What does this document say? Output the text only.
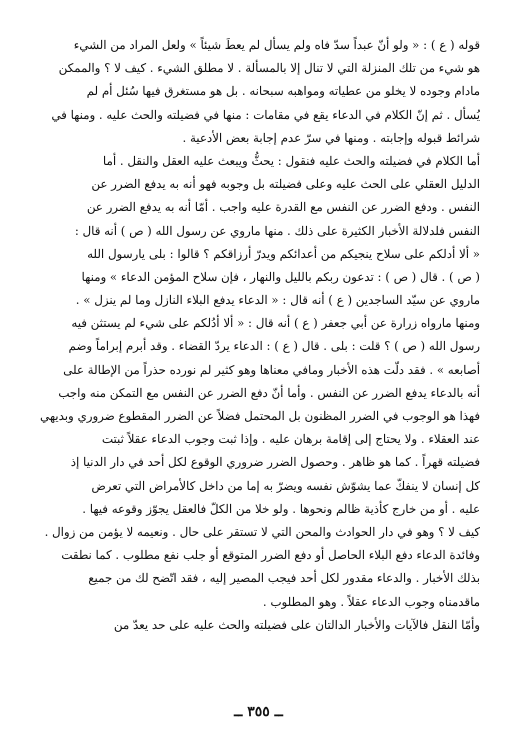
قوله ( ع ) : « ولو أنّ عبداً سدّ فاه ولم يسأل لم يعطَ شيئاً » ولعل المراد من الشيء
هو شيء من تلك المنزلة التي لا تنال إلا بالمسألة . لا مطلق الشيء . كيف لا ؟ والممكن
مادام وجوده لا يخلو من عطياته ومواهبه سبحانه . بل هو مستغرق فيها سُئل أم لم
يُسأل . ثم إنّ الكلام في الدعاء يقع في مقامات : منها في فضيلته والحث عليه . ومنها في
شرائط قبوله وإجابته . ومنها في سرّ عدم إجابة بعض الأدعية .
أما الكلام في فضيلته والحث عليه فنقول : يحثُّ ويبعث عليه العقل والنقل . أما
الدليل العقلي على الحث عليه وعلى فضيلته بل وجوبه فهو أنه به يدفع الضرر عن
النفس . ودفع الضرر عن النفس مع القدرة عليه واجب . أمّا أنه به يدفع الضرر عن
النفس فلدلالة الأخبار الكثيرة على ذلك . منها ماروي عن رسول الله ( ص ) أنه قال :
« ألا أدلكم على سلاح ينجيكم من أعدائكم ويدرّ أرزاقكم ؟ قالوا : بلى يارسول الله
( ص ) . قال ( ص ) : تدعون ربكم بالليل والنهار ، فإن سلاح المؤمن الدعاء » ومنها
ماروي عن سيّد الساجدين ( ع ) أنه قال : « الدعاء يدفع البلاء النازل وما لم ينزل » .
ومنها مارواه زرارة عن أبي جعفر ( ع ) أنه قال : « ألا أدُلكم على شيء لم يستثن فيه
رسول الله ( ص ) ؟ قلت : بلى . قال ( ع ) : الدعاء يردّ القضاء . وقد أبرم إبراماً وضم
أصابعه » . فقد دلّت هذه الأخبار ومافي معناها وهو كثير لم نورده حذراً من الإطالة على
أنه بالدعاء يدفع الضرر عن النفس . وأما أنّ دفع الضرر عن النفس مع التمكن منه واجب
فهذا هو الوجوب في الضرر المظنون بل المحتمل فضلاً عن الضرر المقطوع ضروري وبديهي
عند العقلاء . ولا يحتاج إلى إقامة برهان عليه . وإذا ثبت وجوب الدعاء عقلاً ثبتت
فضيلته قهراً . كما هو ظاهر . وحصول الضرر ضروري الوقوع لكل أحد في دار الدنيا إذ
كل إنسان لا ينفكّ عما يشوّش نفسه ويضرّ به إما من داخل كالأمراض التي تعرض
عليه . أو من خارج كأذية ظالم ونحوها . ولو خلا من الكلّ فالعقل يجوّز وقوعه فيها .
كيف لا ؟ وهو في دار الحوادث والمحن التي لا تستقر على حال . ونعيمه لا يؤمن من زوال .
وفائدة الدعاء دفع البلاء الحاصل أو دفع الضرر المتوقع أو جلب نفع مطلوب . كما نطقت
بذلك الأخبار . والدعاء مقدور لكل أحد فيجب المصير إليه ، فقد اتّضح لك من جميع
ماقدمناه وجوب الدعاء عقلاً . وهو المطلوب .
وأمّا النقل فالآيات والأخبار الدالتان على فضيلته والحث عليه على حد يعدّ من
ــ ٣٥٥ ــ
